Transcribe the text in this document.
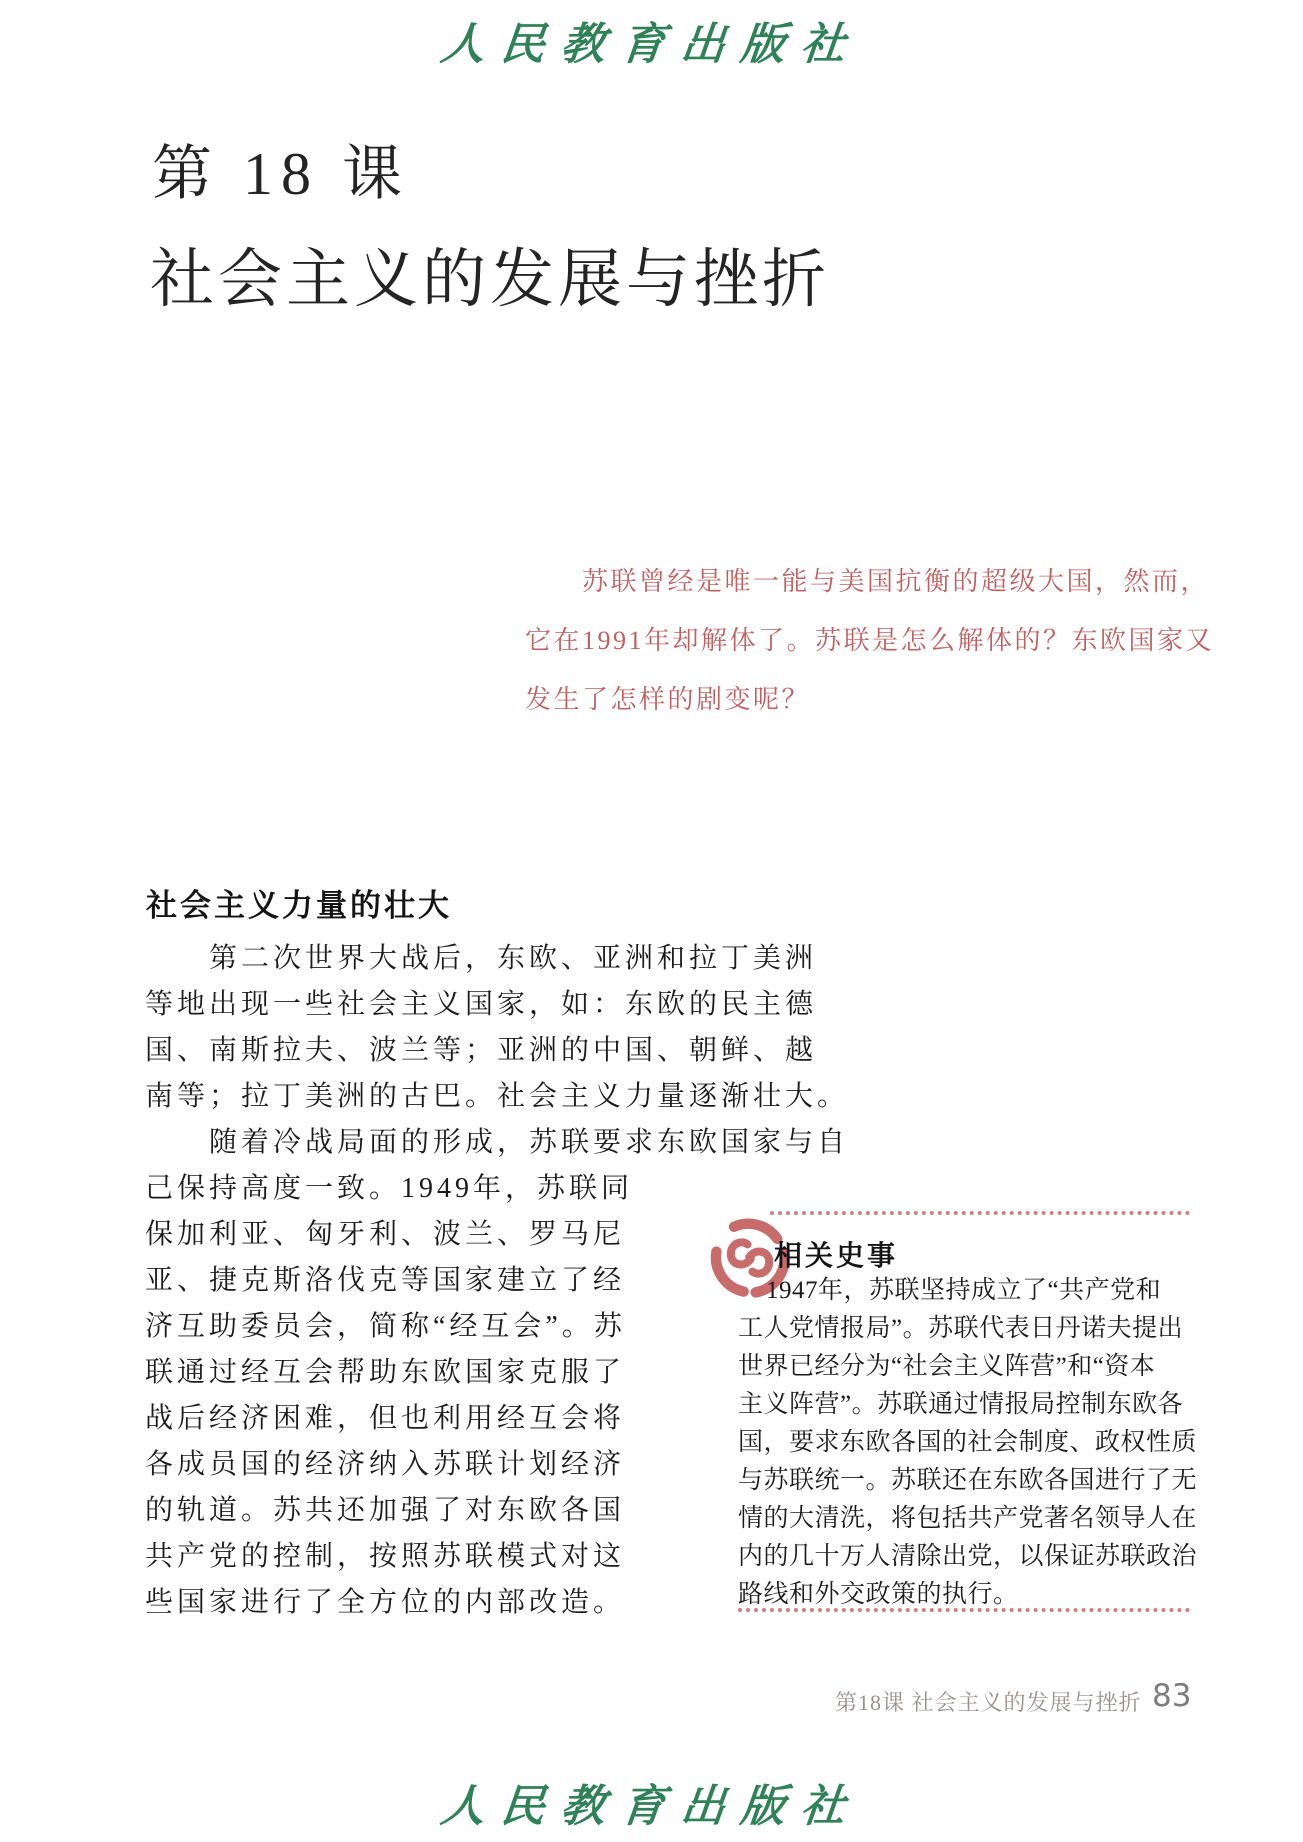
人民教育出版社
第 18 课
社会主义的发展与挫折
苏联曾经是唯一能与美国抗衡的超级大国，然而，
它在1991年却解体了。苏联是怎么解体的？东欧国家又
发生了怎样的剧变呢？
社会主义力量的壮大
第二次世界大战后，东欧、亚洲和拉丁美洲
等地出现一些社会主义国家，如：东欧的民主德
国、南斯拉夫、波兰等；亚洲的中国、朝鲜、越
南等；拉丁美洲的古巴。社会主义力量逐渐壮大。
随着冷战局面的形成，苏联要求东欧国家与自
己保持高度一致。1949年，苏联同
保加利亚、匈牙利、波兰、罗马尼
亚、捷克斯洛伐克等国家建立了经
济互助委员会，简称“经互会”。苏
联通过经互会帮助东欧国家克服了
战后经济困难，但也利用经互会将
各成员国的经济纳入苏联计划经济
的轨道。苏共还加强了对东欧各国
共产党的控制，按照苏联模式对这
些国家进行了全方位的内部改造。
相关史事
1947年，苏联坚持成立了“共产党和
工人党情报局”。苏联代表日丹诺夫提出
世界已经分为“社会主义阵营”和“资本
主义阵营”。苏联通过情报局控制东欧各
国，要求东欧各国的社会制度、政权性质
与苏联统一。苏联还在东欧各国进行了无
情的大清洗，将包括共产党著名领导人在
内的几十万人清除出党，以保证苏联政治
路线和外交政策的执行。
第18课 社会主义的发展与挫折 83
人民教育出版社
